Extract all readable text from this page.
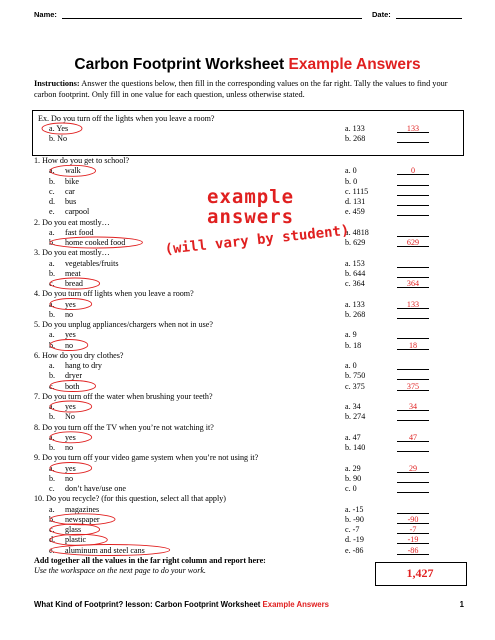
Name:	Date:
Carbon Footprint Worksheet Example Answers
Instructions: Answer the questions below, then fill in the corresponding values on the far right. Tally the values to find your carbon footprint. Only fill in one value for each question, unless otherwise stated.
Ex. Do you turn off the lights when you leave a room?
a. Yes	a. 133	133
b. No	b. 268
1. How do you get to school?
a. walk	a. 0	0
b. bike	b. 0
c. car	c. 1115
d. bus	d. 131
e. carpool	e. 459
2. Do you eat mostly…
a. fast food	a. 4818
b. home cooked food	b. 629	629
3. Do you eat mostly…
a. vegetables/fruits	a. 153
b. meat	b. 644
c. bread	c. 364	364
4. Do you turn off lights when you leave a room?
a. yes	a. 133	133
b. no	b. 268
5. Do you unplug appliances/chargers when not in use?
a. yes	a. 9
b. no	b. 18	18
6. How do you dry clothes?
a. hang to dry	a. 0
b. dryer	b. 750
c. both	c. 375	375
7. Do you turn off the water when brushing your teeth?
a. yes	a. 34	34
b. No	b. 274
8. Do you turn off the TV when you’re not watching it?
a. yes	a. 47	47
b. no	b. 140
9. Do you turn off your video game system when you’re not using it?
a. yes	a. 29	29
b. no	b. 90
c. don’t have/use one	c. 0
10. Do you recycle? (for this question, select all that apply)
a. magazines	a. -15
b. newspaper	b. -90	-90
c. glass	c. -7	-7
d. plastic	d. -19	-19
e. aluminum and steel cans	e. -86	-86
example
answers
(will vary by student)
Add together all the values in the far right column and report here:
Use the workspace on the next page to do your work.	1,427
What Kind of Footprint? lesson: Carbon Footprint Worksheet Example Answers	1
